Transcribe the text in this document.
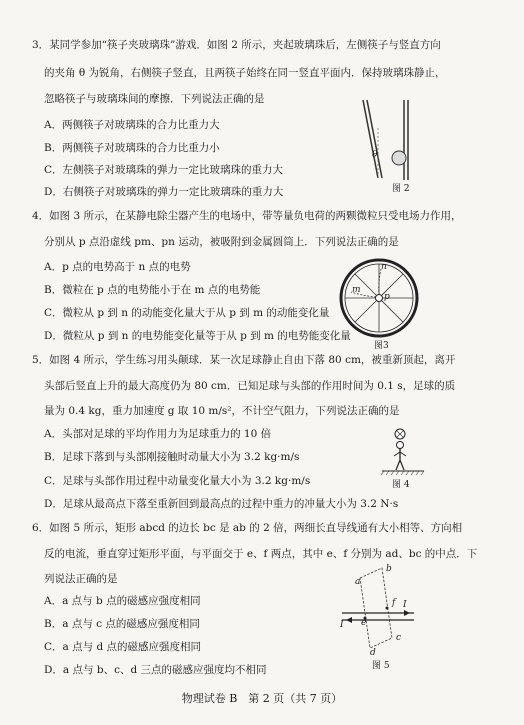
3．某同学参加“筷子夹玻璃珠”游戏．如图 2 所示，夹起玻璃珠后，左侧筷子与竖直方向
的夹角 θ 为锐角，右侧筷子竖直，且两筷子始终在同一竖直平面内．保持玻璃珠静止，
忽略筷子与玻璃珠间的摩擦．下列说法正确的是
A．两侧筷子对玻璃珠的合力比重力大
B．两侧筷子对玻璃珠的合力比重力小
C．左侧筷子对玻璃珠的弹力一定比玻璃珠的重力大
D．右侧筷子对玻璃珠的弹力一定比玻璃珠的重力大
θ
图 2
4．如图 3 所示，在某静电除尘器产生的电场中，带等量负电荷的两颗微粒只受电场力作用，
分别从 p 点沿虚线 pm、pn 运动，被吸附到金属圆筒上．下列说法正确的是
A．p 点的电势高于 n 点的电势
B．微粒在 p 点的电势能小于在 m 点的电势能
C．微粒从 p 到 n 的动能变化量大于从 p 到 m 的动能变化量
D．微粒从 p 到 n 的电势能变化量等于从 p 到 m 的电势能变化量
n
m
p
图3
5．如图 4 所示，学生练习用头颠球．某一次足球静止自由下落 80 cm，被重新顶起，离开
头部后竖直上升的最大高度仍为 80 cm．已知足球与头部的作用时间为 0.1 s，足球的质
量为 0.4 kg，重力加速度 g 取 10 m/s²，不计空气阻力，下列说法正确的是
A．头部对足球的平均作用力为足球重力的 10 倍
B．足球下落到与头部刚接触时动量大小为 3.2 kg·m/s
C．足球与头部作用过程中动量变化量大小为 3.2 kg·m/s
D．足球从最高点下落至重新回到最高点的过程中重力的冲量大小为 3.2 N·s
图 4
6．如图 5 所示，矩形 abcd 的边长 bc 是 ab 的 2 倍，两细长直导线通有大小相等、方向相
反的电流，垂直穿过矩形平面，与平面交于 e、f 两点，其中 e、f 分别为 ad、bc 的中点．下
列说法正确的是
A．a 点与 b 点的磁感应强度相同
B．a 点与 c 点的磁感应强度相同
C．a 点与 d 点的磁感应强度相同
D．a 点与 b、c、d 三点的磁感应强度均不相同
a
b
c
d
e
f I
I
图 5
物理试卷 B　第 2 页（共 7 页）
